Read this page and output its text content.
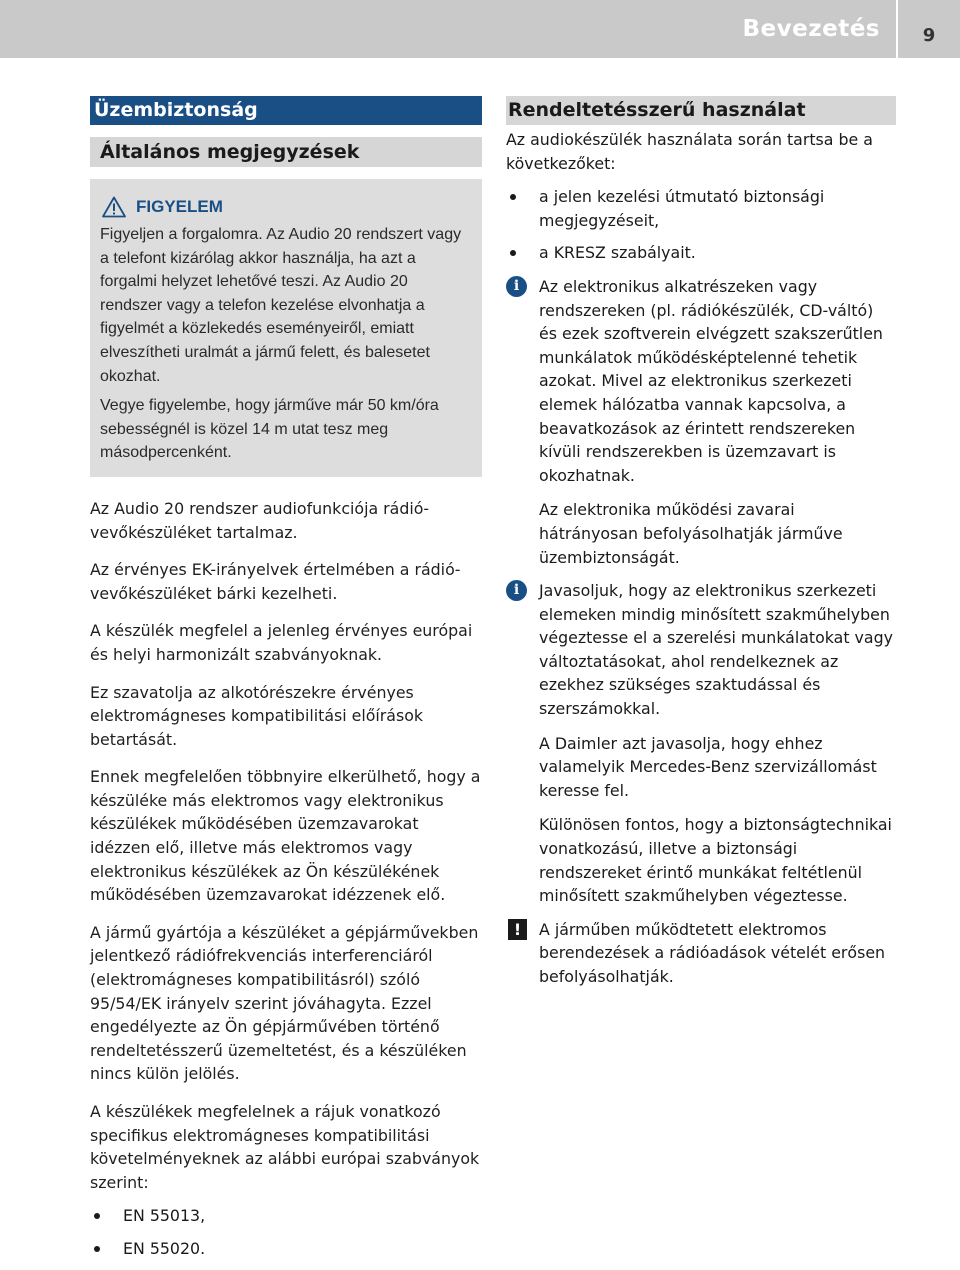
Bevezetés	9
Üzembiztonság
Általános megjegyzések
FIGYELEM

Figyeljen a forgalomra. Az Audio 20 rendszert vagy a telefont kizárólag akkor használja, ha azt a forgalmi helyzet lehetővé teszi. Az Audio 20 rendszer vagy a telefon kezelése elvonhatja a figyelmét a közlekedés eseményeiről, emiatt elveszítheti uralmát a jármű felett, és balesetet okozhat.

Vegye figyelembe, hogy járműve már 50 km/óra sebességnél is közel 14 m utat tesz meg másodpercenként.

Az Audio 20 rendszer audiofunkciója rádióvevőkészüléket tartalmaz.

Az érvényes EK-irányelvek értelmében a rádióvevőkészüléket bárki kezelheti.

A készülék megfelel a jelenleg érvényes európai és helyi harmonizált szabványoknak.

Ez szavatolja az alkotórészekre érvényes elektromágneses kompatibilitási előírások betartását.

Ennek megfelelően többnyire elkerülhető, hogy a készüléke más elektromos vagy elektronikus készülékek működésében üzemzavarokat idézzen elő, illetve más elektromos vagy elektronikus készülékek az Ön készülékének működésében üzemzavarokat idézzenek elő.

A jármű gyártója a készüléket a gépjárművekben jelentkező rádiófrekvenciás interferenciáról (elektromágneses kompatibilitásról) szóló 95/54/EK irányelv szerint jóváhagyta. Ezzel engedélyezte az Ön gépjárművében történő rendeltetésszerű üzemeltetést, és a készüléken nincs külön jelölés.

A készülékek megfelelnek a rájuk vonatkozó specifikus elektromágneses kompatibilitási követelményeknek az alábbi európai szabványok szerint:

EN 55013,
EN 55020.
Rendeltetésszerű használat

Az audiokészülék használata során tartsa be a következőket:

a jelen kezelési útmutató biztonsági megjegyzéseit,
a KRESZ szabályait.
i	Az elektronikus alkatrészeken vagy rendszereken (pl. rádiókészülék, CD-váltó) és ezek szoftverein elvégzett szakszerűtlen munkálatok működésképtelenné tehetik azokat. Mivel az elektronikus szerkezeti elemek hálózatba vannak kapcsolva, a beavatkozások az érintett rendszereken kívüli rendszerekben is üzemzavart is okozhatnak.

Az elektronika működési zavarai hátrányosan befolyásolhatják járműve üzembiztonságát.

i	Javasoljuk, hogy az elektronikus szerkezeti elemeken mindig minősített szakműhelyben végeztesse el a szerelési munkálatokat vagy változtatásokat, ahol rendelkeznek az ezekhez szükséges szaktudással és szerszámokkal.

A Daimler azt javasolja, hogy ehhez valamelyik Mercedes-Benz szervizállomást keresse fel.

Különösen fontos, hogy a biztonságtechnikai vonatkozású, illetve a biztonsági rendszereket érintő munkákat feltétlenül minősített szakműhelyben végeztesse.

!	A járműben működtetett elektromos berendezések a rádióadások vételét erősen befolyásolhatják.
